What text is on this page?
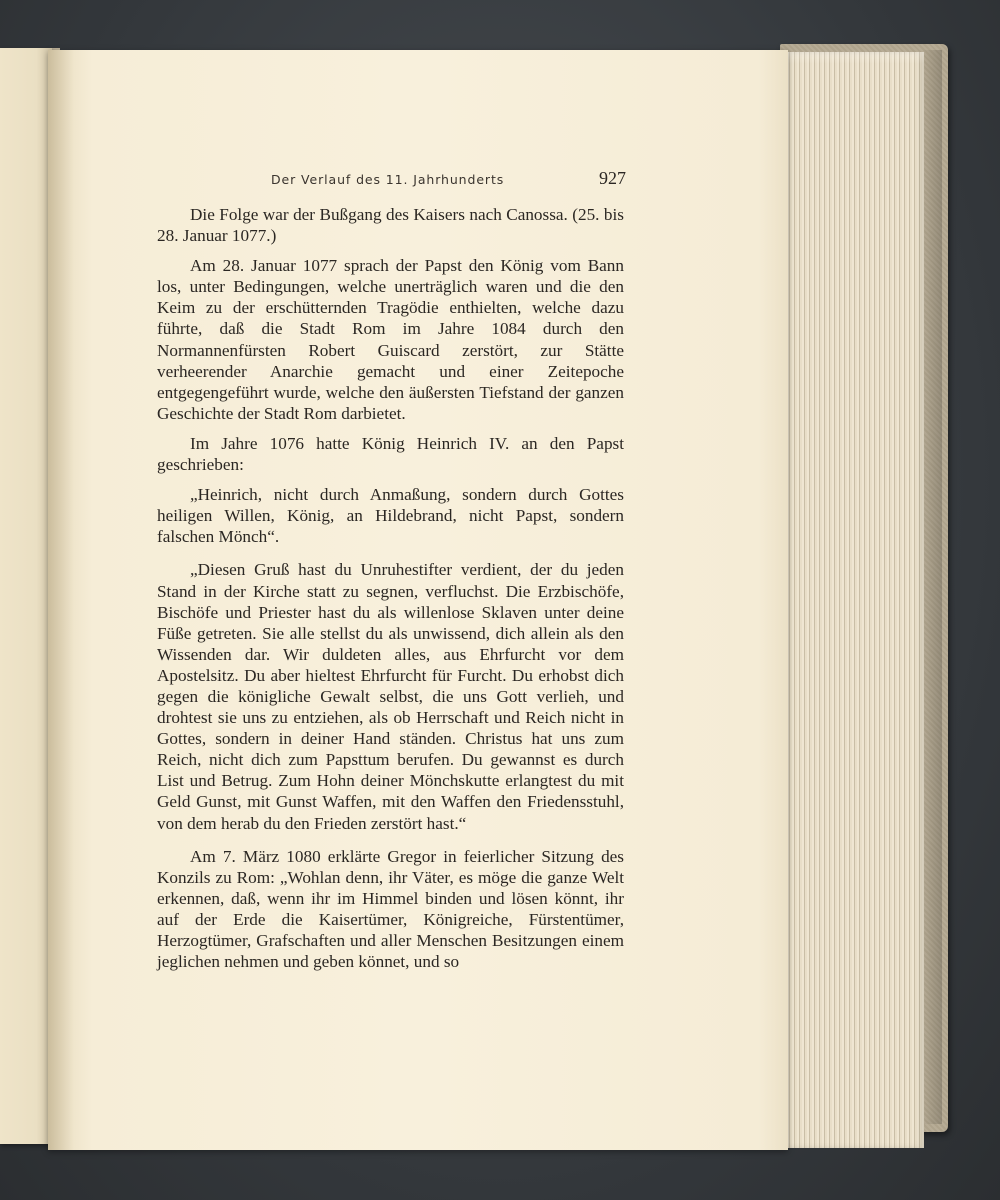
Der Verlauf des 11. Jahrhunderts	927

Die Folge war der Bußgang des Kaisers nach Canossa. (25. bis 28. Januar 1077.)

Am 28. Januar 1077 sprach der Papst den König vom Bann los, unter Bedingungen, welche unerträglich waren und die den Keim zu der erschütternden Tragödie enthielten, welche dazu führte, daß die Stadt Rom im Jahre 1084 durch den Normannenfürsten Robert Guiscard zerstört, zur Stätte verheerender Anarchie gemacht und einer Zeitepoche entgegengeführt wurde, welche den äußersten Tiefstand der ganzen Geschichte der Stadt Rom darbietet.

Im Jahre 1076 hatte König Heinrich IV. an den Papst geschrieben:

„Heinrich, nicht durch Anmaßung, sondern durch Gottes heiligen Willen, König, an Hildebrand, nicht Papst, sondern falschen Mönch“.

„Diesen Gruß hast du Unruhestifter verdient, der du jeden Stand in der Kirche statt zu segnen, verfluchst. Die Erzbischöfe, Bischöfe und Priester hast du als willenlose Sklaven unter deine Füße getreten. Sie alle stellst du als unwissend, dich allein als den Wissenden dar. Wir duldeten alles, aus Ehrfurcht vor dem Apostelsitz. Du aber hieltest Ehrfurcht für Furcht. Du erhobst dich gegen die königliche Gewalt selbst, die uns Gott verlieh, und drohtest sie uns zu entziehen, als ob Herrschaft und Reich nicht in Gottes, sondern in deiner Hand ständen. Christus hat uns zum Reich, nicht dich zum Papsttum berufen. Du gewannst es durch List und Betrug. Zum Hohn deiner Mönchskutte erlangtest du mit Geld Gunst, mit Gunst Waffen, mit den Waffen den Friedensstuhl, von dem herab du den Frieden zerstört hast.“

Am 7. März 1080 erklärte Gregor in feierlicher Sitzung des Konzils zu Rom: „Wohlan denn, ihr Väter, es möge die ganze Welt erkennen, daß, wenn ihr im Himmel binden und lösen könnt, ihr auf der Erde die Kaisertümer, Königreiche, Fürstentümer, Herzogtümer, Grafschaften und aller Menschen Besitzungen einem jeglichen nehmen und geben könnet, und so
